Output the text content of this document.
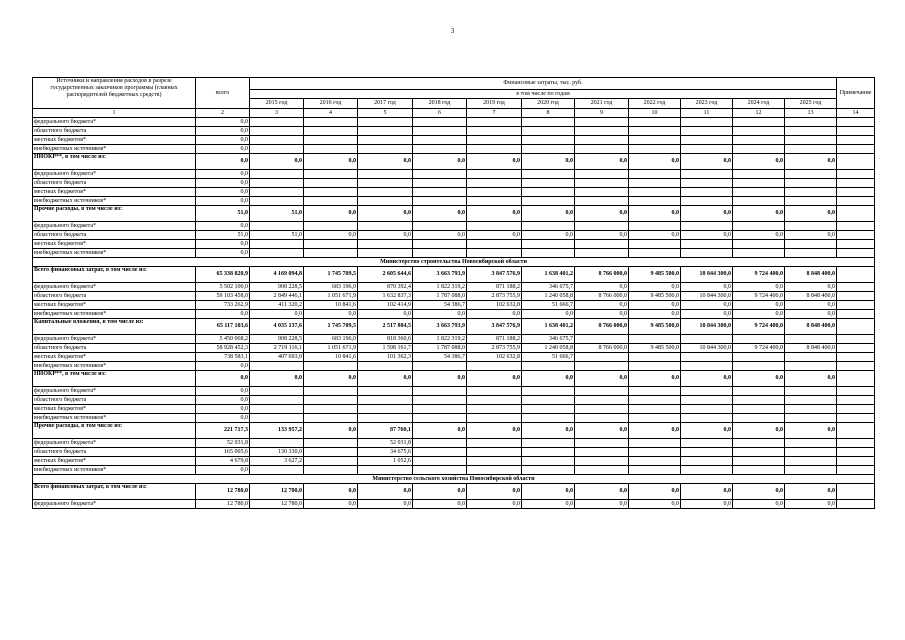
3
Источники и направления расходов в разрезе государственных заказчиков программы (главных распорядителей бюджетных средств)	всего	Финансовые затраты, тыс. руб.											Примечание
		в том числе по годам											
		2015 год	2016 год	2017 год	2018 год	2019 год	2020 год	2021 год	2022 год	2023 год	2024 год	2025 год	
1	2	3	4	5	6	7	8	9	10	11	12	13	14
федерального бюджета*	0,0												
областного бюджета	0,0												
местных бюджетов*	0,0												
внебюджетных источников*	0,0												
НИОКР**, в том числе из:	0,0	0,0	0,0	0,0	0,0	0,0	0,0	0,0	0,0	0,0	0,0	0,0	
федерального бюджета*	0,0												
областного бюджета	0,0												
местных бюджетов*	0,0												
внебюджетных источников*	0,0												
Прочие расходы, в том числе из:	51,0	51,0	0,0	0,0	0,0	0,0	0,0	0,0	0,0	0,0	0,0	0,0	
федерального бюджета*	0,0												
областного бюджета	51,0	51,0	0,0	0,0	0,0	0,0	0,0	0,0	0,0	0,0	0,0	0,0	
местных бюджетов*	0,0												
внебюджетных источников*	0,0												
Министерство строительства Новосибирской области													
Всего финансовых затрат, в том числе из:	65 338 820,9	4 169 094,8	1 745 709,5	2 605 644,6	3 663 793,9	3 847 576,9	1 638 401,2	8 766 000,0	9 485 500,0	10 844 300,0	9 724 400,0	8 848 400,0	
федерального бюджета*	5 502 100,0	908 228,5	683 196,0	870 392,4	1 822 319,2	871 188,2	346 675,7	0,0	0,0	0,0	0,0	0,0	
областного бюджета	59 103 458,0	2 849 446,1	1 051 671,9	1 632 837,3	1 787 088,0	2 873 755,9	1 240 058,8	8 766 000,0	9 485 500,0	10 844 300,0	9 724 400,0	8 848 400,0	
местных бюджетов*	733 262,9	411 320,2	10 841,6	102 414,9	54 386,7	102 632,8	51 666,7	0,0	0,0	0,0	0,0	0,0	
внебюджетных источников*	0,0	0,0	0,0	0,0	0,0	0,0	0,0	0,0	0,0	0,0	0,0	0,0	
Капитальные вложения, в том числе из:	65 117 103,6	4 035 137,6	1 745 709,5	2 517 884,5	3 663 793,9	3 847 576,9	1 638 401,2	8 766 000,0	9 485 500,0	10 844 300,0	9 724 400,0	8 848 400,0	
федерального бюджета*	5 450 068,2	908 228,5	683 196,0	818 360,6	1 822 319,2	871 188,2	346 675,7						
областного бюджета	58 928 452,3	2 719 116,1	1 051 671,9	1 598 161,7	1 787 088,0	2 873 755,9	1 240 058,8	8 766 000,0	9 485 500,0	10 844 300,0	9 724 400,0	8 848 400,0	
местных бюджетов*	738 583,1	407 693,0	10 841,6	101 362,3	54 386,7	102 632,8	51 666,7						
внебюджетных источников*	0,0												
НИОКР**, в том числе из:	0,0	0,0	0,0	0,0	0,0	0,0	0,0	0,0	0,0	0,0	0,0	0,0	
федерального бюджета*	0,0												
областного бюджета	0,0												
местных бюджетов*	0,0												
внебюджетных источников*	0,0												
Прочие расходы, в том числе из:	221 717,3	133 957,2	0,0	87 760,1	0,0	0,0	0,0	0,0	0,0	0,0	0,0	0,0	
федерального бюджета*	52 031,8			52 031,8									
областного бюджета	165 005,6	130 330,0		34 675,6									
местных бюджетов*	4 679,8	3 627,2		1 052,6									
внебюджетных источников*	0,0												
Министерство сельского хозяйства Новосибирской области													
Всего финансовых затрат, в том числе из:	12 780,0	12 780,0	0,0	0,0	0,0	0,0	0,0	0,0	0,0	0,0	0,0	0,0	
федерального бюджета*	12 780,0	12 780,0	0,0	0,0	0,0	0,0	0,0	0,0	0,0	0,0	0,0	0,0	
